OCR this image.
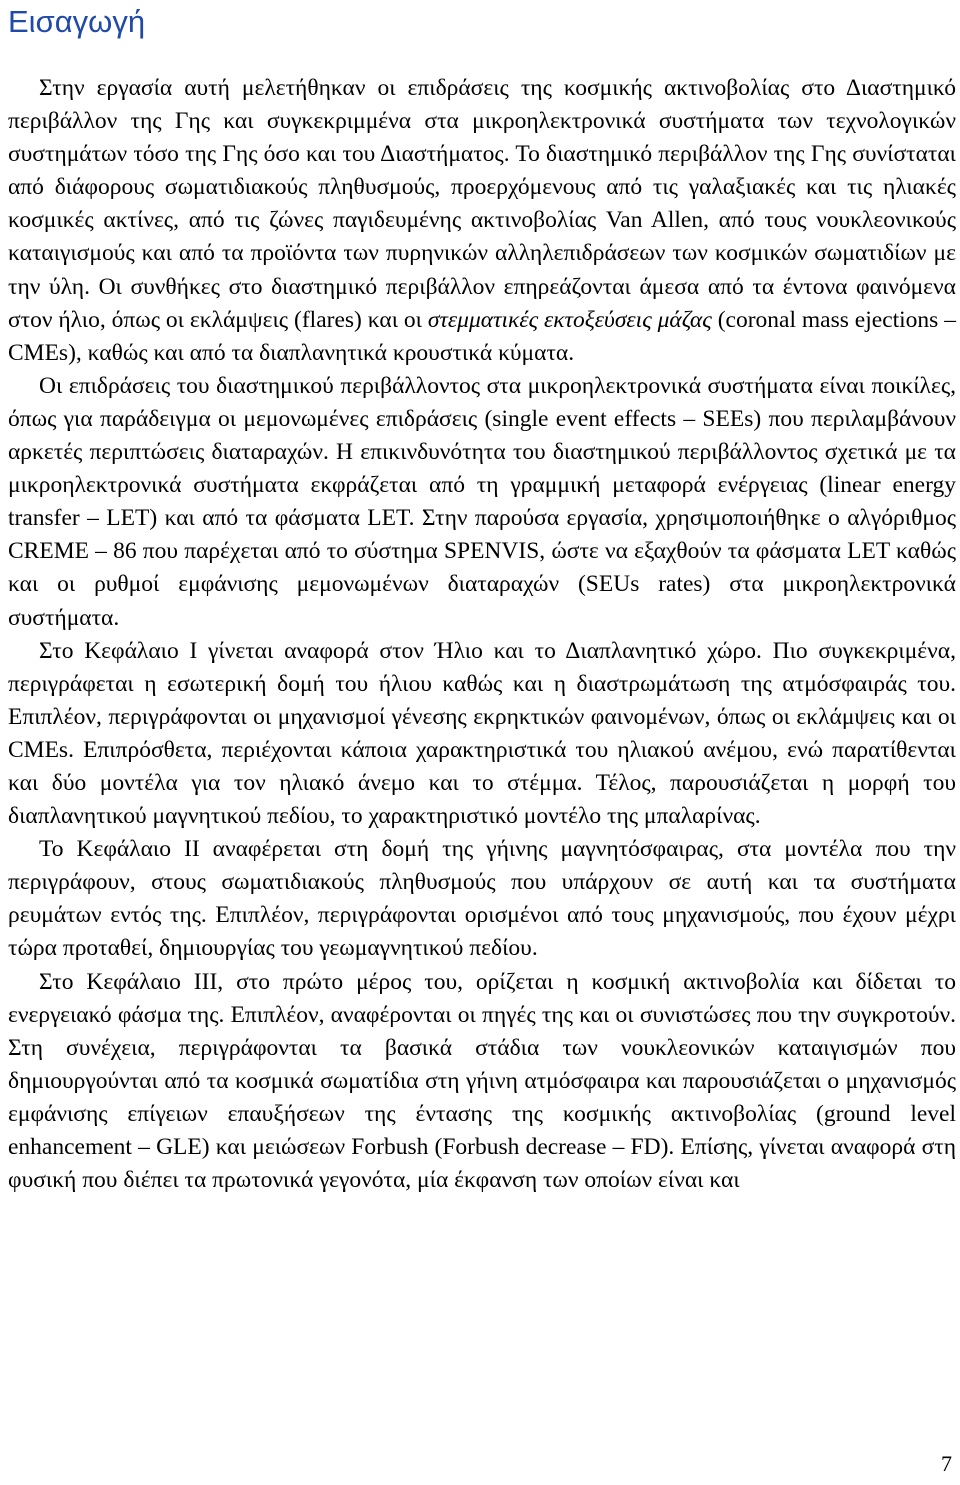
Εισαγωγή

Στην εργασία αυτή μελετήθηκαν οι επιδράσεις της κοσμικής ακτινοβολίας στο Διαστημικό περιβάλλον της Γης και συγκεκριμμένα στα μικροηλεκτρονικά συστήματα των τεχνολογικών συστημάτων τόσο της Γης όσο και του Διαστήματος. Το διαστημικό περιβάλλον της Γης συνίσταται από διάφορους σωματιδιακούς πληθυσμούς, προερχόμενους από τις γαλαξιακές και τις ηλιακές κοσμικές ακτίνες, από τις ζώνες παγιδευμένης ακτινοβολίας Van Allen, από τους νουκλεονικούς καταιγισμούς και από τα προϊόντα των πυρηνικών αλληλεπιδράσεων των κοσμικών σωματιδίων με την ύλη. Οι συνθήκες στο διαστημικό περιβάλλον επηρεάζονται άμεσα από τα έντονα φαινόμενα στον ήλιο, όπως οι εκλάμψεις (flares) και οι στεμματικές εκτοξεύσεις μάζας (coronal mass ejections – CMEs), καθώς και από τα διαπλανητικά κρουστικά κύματα.

Οι επιδράσεις του διαστημικού περιβάλλοντος στα μικροηλεκτρονικά συστήματα είναι ποικίλες, όπως για παράδειγμα οι μεμονωμένες επιδράσεις (single event effects – SEEs) που περιλαμβάνουν αρκετές περιπτώσεις διαταραχών. Η επικινδυνότητα του διαστημικού περιβάλλοντος σχετικά με τα μικροηλεκτρονικά συστήματα εκφράζεται από τη γραμμική μεταφορά ενέργειας (linear energy transfer – LET) και από τα φάσματα LET. Στην παρούσα εργασία, χρησιμοποιήθηκε ο αλγόριθμος CREME – 86 που παρέχεται από το σύστημα SPENVIS, ώστε να εξαχθούν τα φάσματα LET καθώς και οι ρυθμοί εμφάνισης μεμονωμένων διαταραχών (SEUs rates) στα μικροηλεκτρονικά συστήματα.

Στο Κεφάλαιο I γίνεται αναφορά στον Ήλιο και το Διαπλανητικό χώρο. Πιο συγκεκριμένα, περιγράφεται η εσωτερική δομή του ήλιου καθώς και η διαστρωμάτωση της ατμόσφαιράς του. Επιπλέον, περιγράφονται οι μηχανισμοί γένεσης εκρηκτικών φαινομένων, όπως οι εκλάμψεις και οι CMEs. Επιπρόσθετα, περιέχονται κάποια χαρακτηριστικά του ηλιακού ανέμου, ενώ παρατίθενται και δύο μοντέλα για τον ηλιακό άνεμο και το στέμμα. Τέλος, παρουσιάζεται η μορφή του διαπλανητικού μαγνητικού πεδίου, το χαρακτηριστικό μοντέλο της μπαλαρίνας.

Το Κεφάλαιο II αναφέρεται στη δομή της γήινης μαγνητόσφαιρας, στα μοντέλα που την περιγράφουν, στους σωματιδιακούς πληθυσμούς που υπάρχουν σε αυτή και τα συστήματα ρευμάτων εντός της. Επιπλέον, περιγράφονται ορισμένοι από τους μηχανισμούς, που έχουν μέχρι τώρα προταθεί, δημιουργίας του γεωμαγνητικού πεδίου.

Στο Κεφάλαιο III, στο πρώτο μέρος του, ορίζεται η κοσμική ακτινοβολία και δίδεται το ενεργειακό φάσμα της. Επιπλέον, αναφέρονται οι πηγές της και οι συνιστώσες που την συγκροτούν. Στη συνέχεια, περιγράφονται τα βασικά στάδια των νουκλεονικών καταιγισμών που δημιουργούνται από τα κοσμικά σωματίδια στη γήινη ατμόσφαιρα και παρουσιάζεται ο μηχανισμός εμφάνισης επίγειων επαυξήσεων της έντασης της κοσμικής ακτινοβολίας (ground level enhancement – GLE) και μειώσεων Forbush (Forbush decrease – FD). Επίσης, γίνεται αναφορά στη φυσική που διέπει τα πρωτονικά γεγονότα, μία έκφανση των οποίων είναι και

7
